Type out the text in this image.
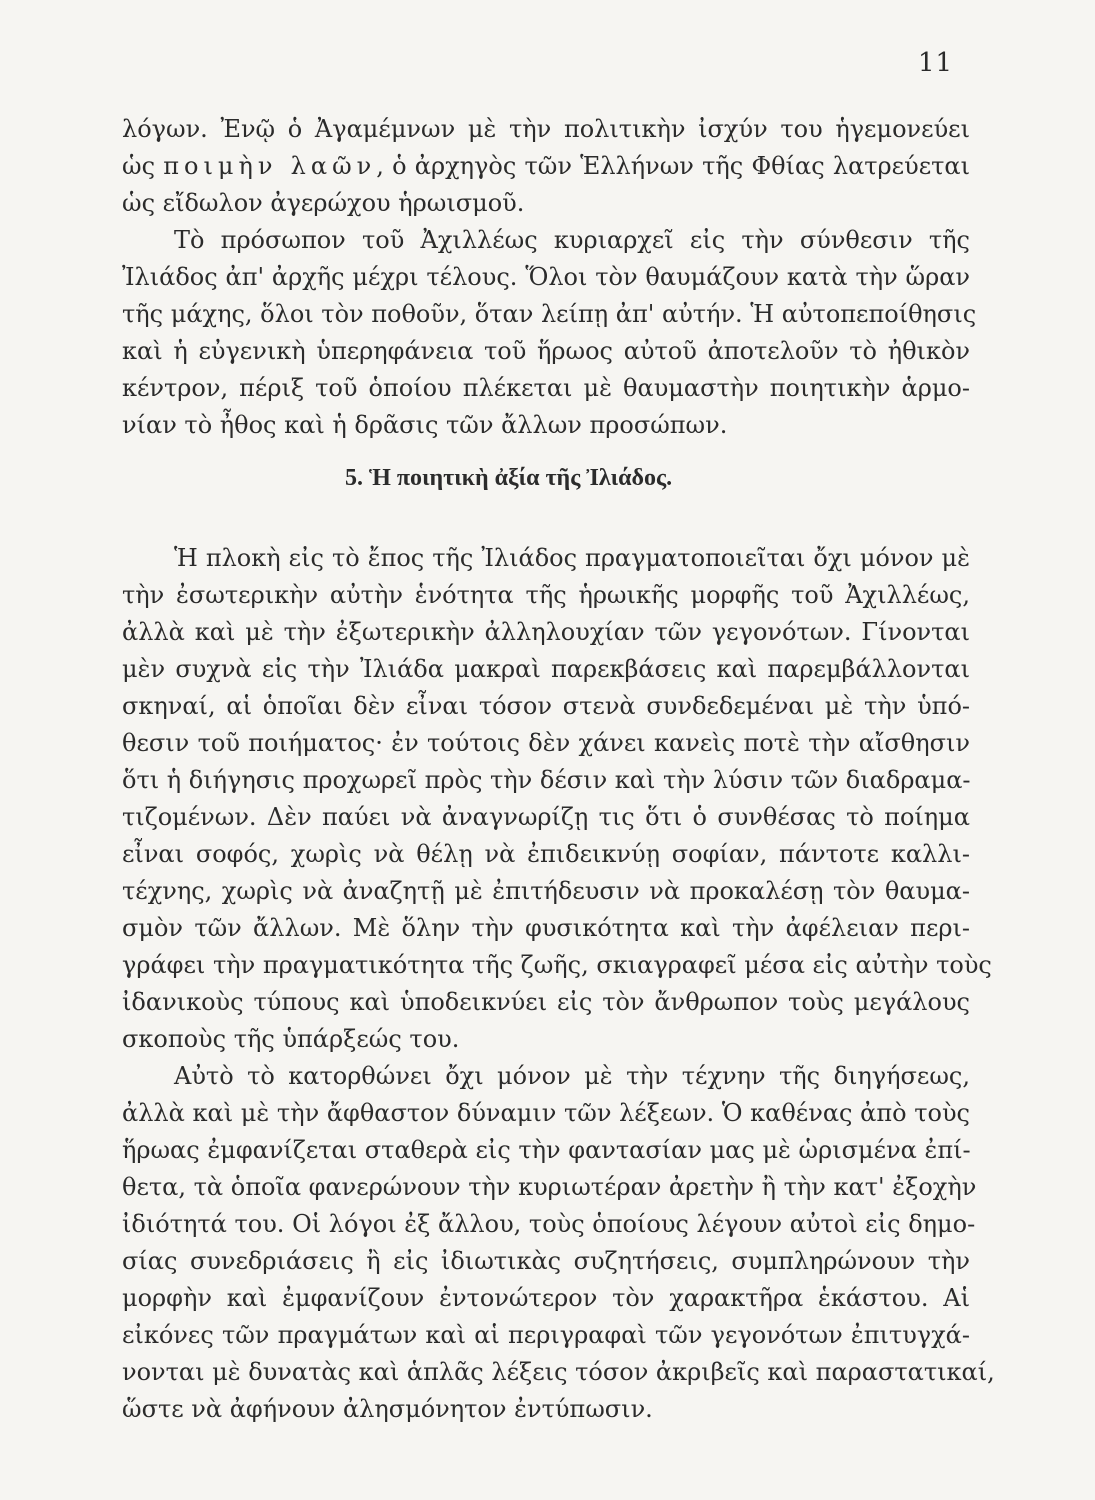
11
λόγων. Ἐνῷ ὁ Ἀγαμέμνων μὲ τὴν πολιτικὴν ἰσχύν του ἡγεμονεύει
ὡς ποιμὴν λαῶν, ὁ ἀρχηγὸς τῶν Ἑλλήνων τῆς Φθίας λατρεύεται
ὡς εἴδωλον ἀγερώχου ἡρωισμοῦ.
Τὸ πρόσωπον τοῦ Ἀχιλλέως κυριαρχεῖ εἰς τὴν σύνθεσιν τῆς
Ἰλιάδος ἀπ' ἀρχῆς μέχρι τέλους. Ὅλοι τὸν θαυμάζουν κατὰ τὴν ὥραν
τῆς μάχης, ὅλοι τὸν ποθοῦν, ὅταν λείπῃ ἀπ' αὐτήν. Ἡ αὐτοπεποίθησις
καὶ ἡ εὐγενικὴ ὑπερηφάνεια τοῦ ἥρωος αὐτοῦ ἀποτελοῦν τὸ ἠθικὸν
κέντρον, πέριξ τοῦ ὁποίου πλέκεται μὲ θαυμαστὴν ποιητικὴν ἁρμο-
νίαν τὸ ἦθος καὶ ἡ δρᾶσις τῶν ἄλλων προσώπων.
5. Ἡ ποιητικὴ ἀξία τῆς Ἰλιάδος.
Ἡ πλοκὴ εἰς τὸ ἔπος τῆς Ἰλιάδος πραγματοποιεῖται ὄχι μόνον μὲ
τὴν ἐσωτερικὴν αὐτὴν ἑνότητα τῆς ἡρωικῆς μορφῆς τοῦ Ἀχιλλέως,
ἀλλὰ καὶ μὲ τὴν ἐξωτερικὴν ἀλληλουχίαν τῶν γεγονότων. Γίνονται
μὲν συχνὰ εἰς τὴν Ἰλιάδα μακραὶ παρεκβάσεις καὶ παρεμβάλλονται
σκηναί, αἱ ὁποῖαι δὲν εἶναι τόσον στενὰ συνδεδεμέναι μὲ τὴν ὑπό-
θεσιν τοῦ ποιήματος· ἐν τούτοις δὲν χάνει κανεὶς ποτὲ τὴν αἴσθησιν
ὅτι ἡ διήγησις προχωρεῖ πρὸς τὴν δέσιν καὶ τὴν λύσιν τῶν διαδραμα-
τιζομένων. Δὲν παύει νὰ ἀναγνωρίζῃ τις ὅτι ὁ συνθέσας τὸ ποίημα
εἶναι σοφός, χωρὶς νὰ θέλῃ νὰ ἐπιδεικνύῃ σοφίαν, πάντοτε καλλι-
τέχνης, χωρὶς νὰ ἀναζητῇ μὲ ἐπιτήδευσιν νὰ προκαλέσῃ τὸν θαυμα-
σμὸν τῶν ἄλλων. Μὲ ὅλην τὴν φυσικότητα καὶ τὴν ἀφέλειαν περι-
γράφει τὴν πραγματικότητα τῆς ζωῆς, σκιαγραφεῖ μέσα εἰς αὐτὴν τοὺς
ἰδανικοὺς τύπους καὶ ὑποδεικνύει εἰς τὸν ἄνθρωπον τοὺς μεγάλους
σκοποὺς τῆς ὑπάρξεώς του.
Αὐτὸ τὸ κατορθώνει ὄχι μόνον μὲ τὴν τέχνην τῆς διηγήσεως,
ἀλλὰ καὶ μὲ τὴν ἄφθαστον δύναμιν τῶν λέξεων. Ὁ καθένας ἀπὸ τοὺς
ἥρωας ἐμφανίζεται σταθερὰ εἰς τὴν φαντασίαν μας μὲ ὡρισμένα ἐπί-
θετα, τὰ ὁποῖα φανερώνουν τὴν κυριωτέραν ἀρετὴν ἢ τὴν κατ' ἐξοχὴν
ἰδιότητά του. Οἱ λόγοι ἐξ ἄλλου, τοὺς ὁποίους λέγουν αὐτοὶ εἰς δημο-
σίας συνεδριάσεις ἢ εἰς ἰδιωτικὰς συζητήσεις, συμπληρώνουν τὴν
μορφὴν καὶ ἐμφανίζουν ἐντονώτερον τὸν χαρακτῆρα ἑκάστου. Αἱ
εἰκόνες τῶν πραγμάτων καὶ αἱ περιγραφαὶ τῶν γεγονότων ἐπιτυγχά-
νονται μὲ δυνατὰς καὶ ἁπλᾶς λέξεις τόσον ἀκριβεῖς καὶ παραστατικαί,
ὥστε νὰ ἀφήνουν ἀλησμόνητον ἐντύπωσιν.
